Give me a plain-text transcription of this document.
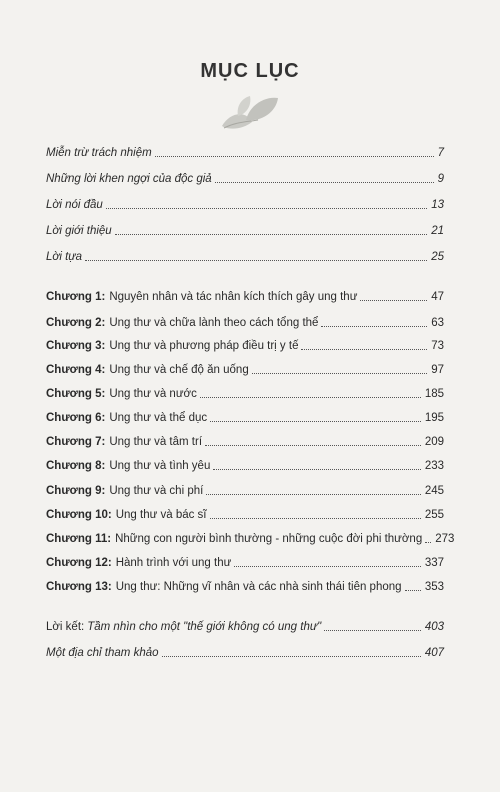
MỤC LỤC
Miễn trừ trách nhiệm	7
Những lời khen ngợi của độc giả	9
Lời nói đầu	13
Lời giới thiệu	21
Lời tựa	25
Chương 1: Nguyên nhân và tác nhân kích thích gây ung thư	47
Chương 2: Ung thư và chữa lành theo cách tổng thể	63
Chương 3: Ung thư và phương pháp điều trị y tế	73
Chương 4: Ung thư và chế độ ăn uống	97
Chương 5: Ung thư và nước	185
Chương 6: Ung thư và thể dục	195
Chương 7: Ung thư và tâm trí	209
Chương 8: Ung thư và tình yêu	233
Chương 9: Ung thư và chi phí	245
Chương 10: Ung thư và bác sĩ	255
Chương 11: Những con người bình thường - những cuộc đời phi thường 273
Chương 12: Hành trình với ung thư	337
Chương 13: Ung thư: Những vĩ nhân và các nhà sinh thái tiên phong 353
Lời kết: Tầm nhìn cho một "thế giới không có ung thư"	403
Một địa chỉ tham khảo	407
